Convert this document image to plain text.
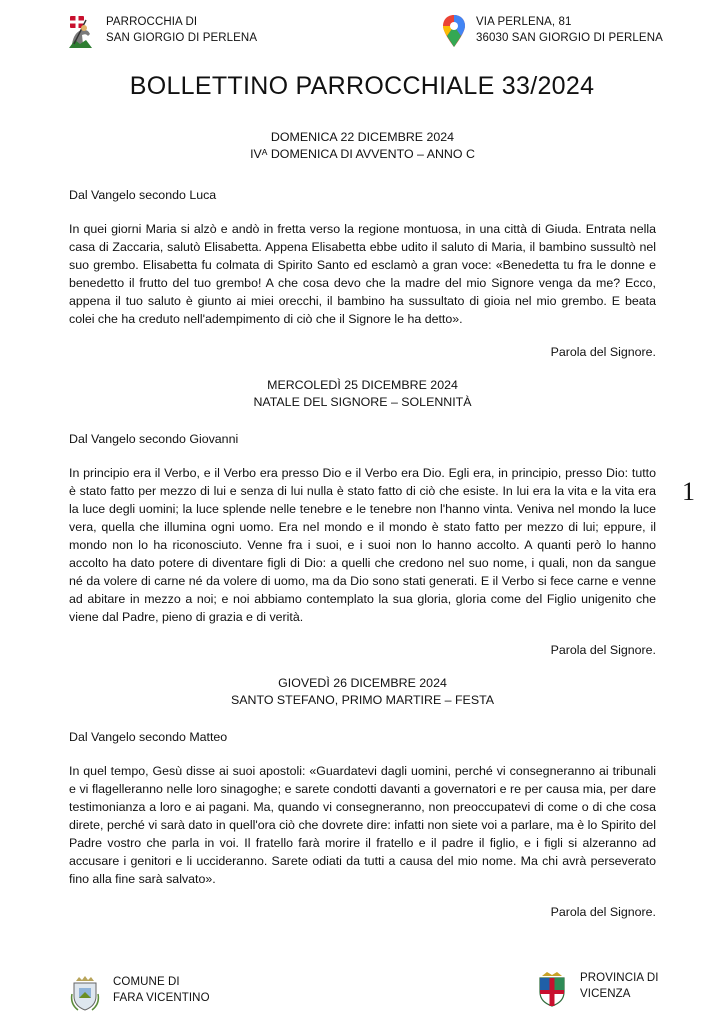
PARROCCHIA DI
SAN GIORGIO DI PERLENA
VIA PERLENA, 81
36030 SAN GIORGIO DI PERLENA
BOLLETTINO PARROCCHIALE 33/2024
DOMENICA 22 DICEMBRE 2024
IVᴬ DOMENICA DI AVVENTO – ANNO C
Dal Vangelo secondo Luca
In quei giorni Maria si alzò e andò in fretta verso la regione montuosa, in una città di Giuda. Entrata nella casa di Zaccaria, salutò Elisabetta. Appena Elisabetta ebbe udito il saluto di Maria, il bambino sussultò nel suo grembo. Elisabetta fu colmata di Spirito Santo ed esclamò a gran voce: «Benedetta tu fra le donne e benedetto il frutto del tuo grembo! A che cosa devo che la madre del mio Signore venga da me? Ecco, appena il tuo saluto è giunto ai miei orecchi, il bambino ha sussultato di gioia nel mio grembo. E beata colei che ha creduto nell'adempimento di ciò che il Signore le ha detto».
Parola del Signore.
MERCOLEDÌ 25 DICEMBRE 2024
NATALE DEL SIGNORE – SOLENNITÀ
Dal Vangelo secondo Giovanni
In principio era il Verbo, e il Verbo era presso Dio e il Verbo era Dio. Egli era, in principio, presso Dio: tutto è stato fatto per mezzo di lui e senza di lui nulla è stato fatto di ciò che esiste. In lui era la vita e la vita era la luce degli uomini; la luce splende nelle tenebre e le tenebre non l'hanno vinta. Veniva nel mondo la luce vera, quella che illumina ogni uomo. Era nel mondo e il mondo è stato fatto per mezzo di lui; eppure, il mondo non lo ha riconosciuto. Venne fra i suoi, e i suoi non lo hanno accolto. A quanti però lo hanno accolto ha dato potere di diventare figli di Dio: a quelli che credono nel suo nome, i quali, non da sangue né da volere di carne né da volere di uomo, ma da Dio sono stati generati. E il Verbo si fece carne e venne ad abitare in mezzo a noi; e noi abbiamo contemplato la sua gloria, gloria come del Figlio unigenito che viene dal Padre, pieno di grazia e di verità.
Parola del Signore.
GIOVEDÌ 26 DICEMBRE 2024
SANTO STEFANO, PRIMO MARTIRE – FESTA
Dal Vangelo secondo Matteo
In quel tempo, Gesù disse ai suoi apostoli: «Guardatevi dagli uomini, perché vi consegneranno ai tribunali e vi flagelleranno nelle loro sinagoghe; e sarete condotti davanti a governatori e re per causa mia, per dare testimonianza a loro e ai pagani. Ma, quando vi consegneranno, non preoccupatevi di come o di che cosa direte, perché vi sarà dato in quell'ora ciò che dovrete dire: infatti non siete voi a parlare, ma è lo Spirito del Padre vostro che parla in voi. Il fratello farà morire il fratello e il padre il figlio, e i figli si alzeranno ad accusare i genitori e li uccideranno. Sarete odiati da tutti a causa del mio nome. Ma chi avrà perseverato fino alla fine sarà salvato».
Parola del Signore.
1
COMUNE DI
FARA VICENTINO
PROVINCIA DI
VICENZA
